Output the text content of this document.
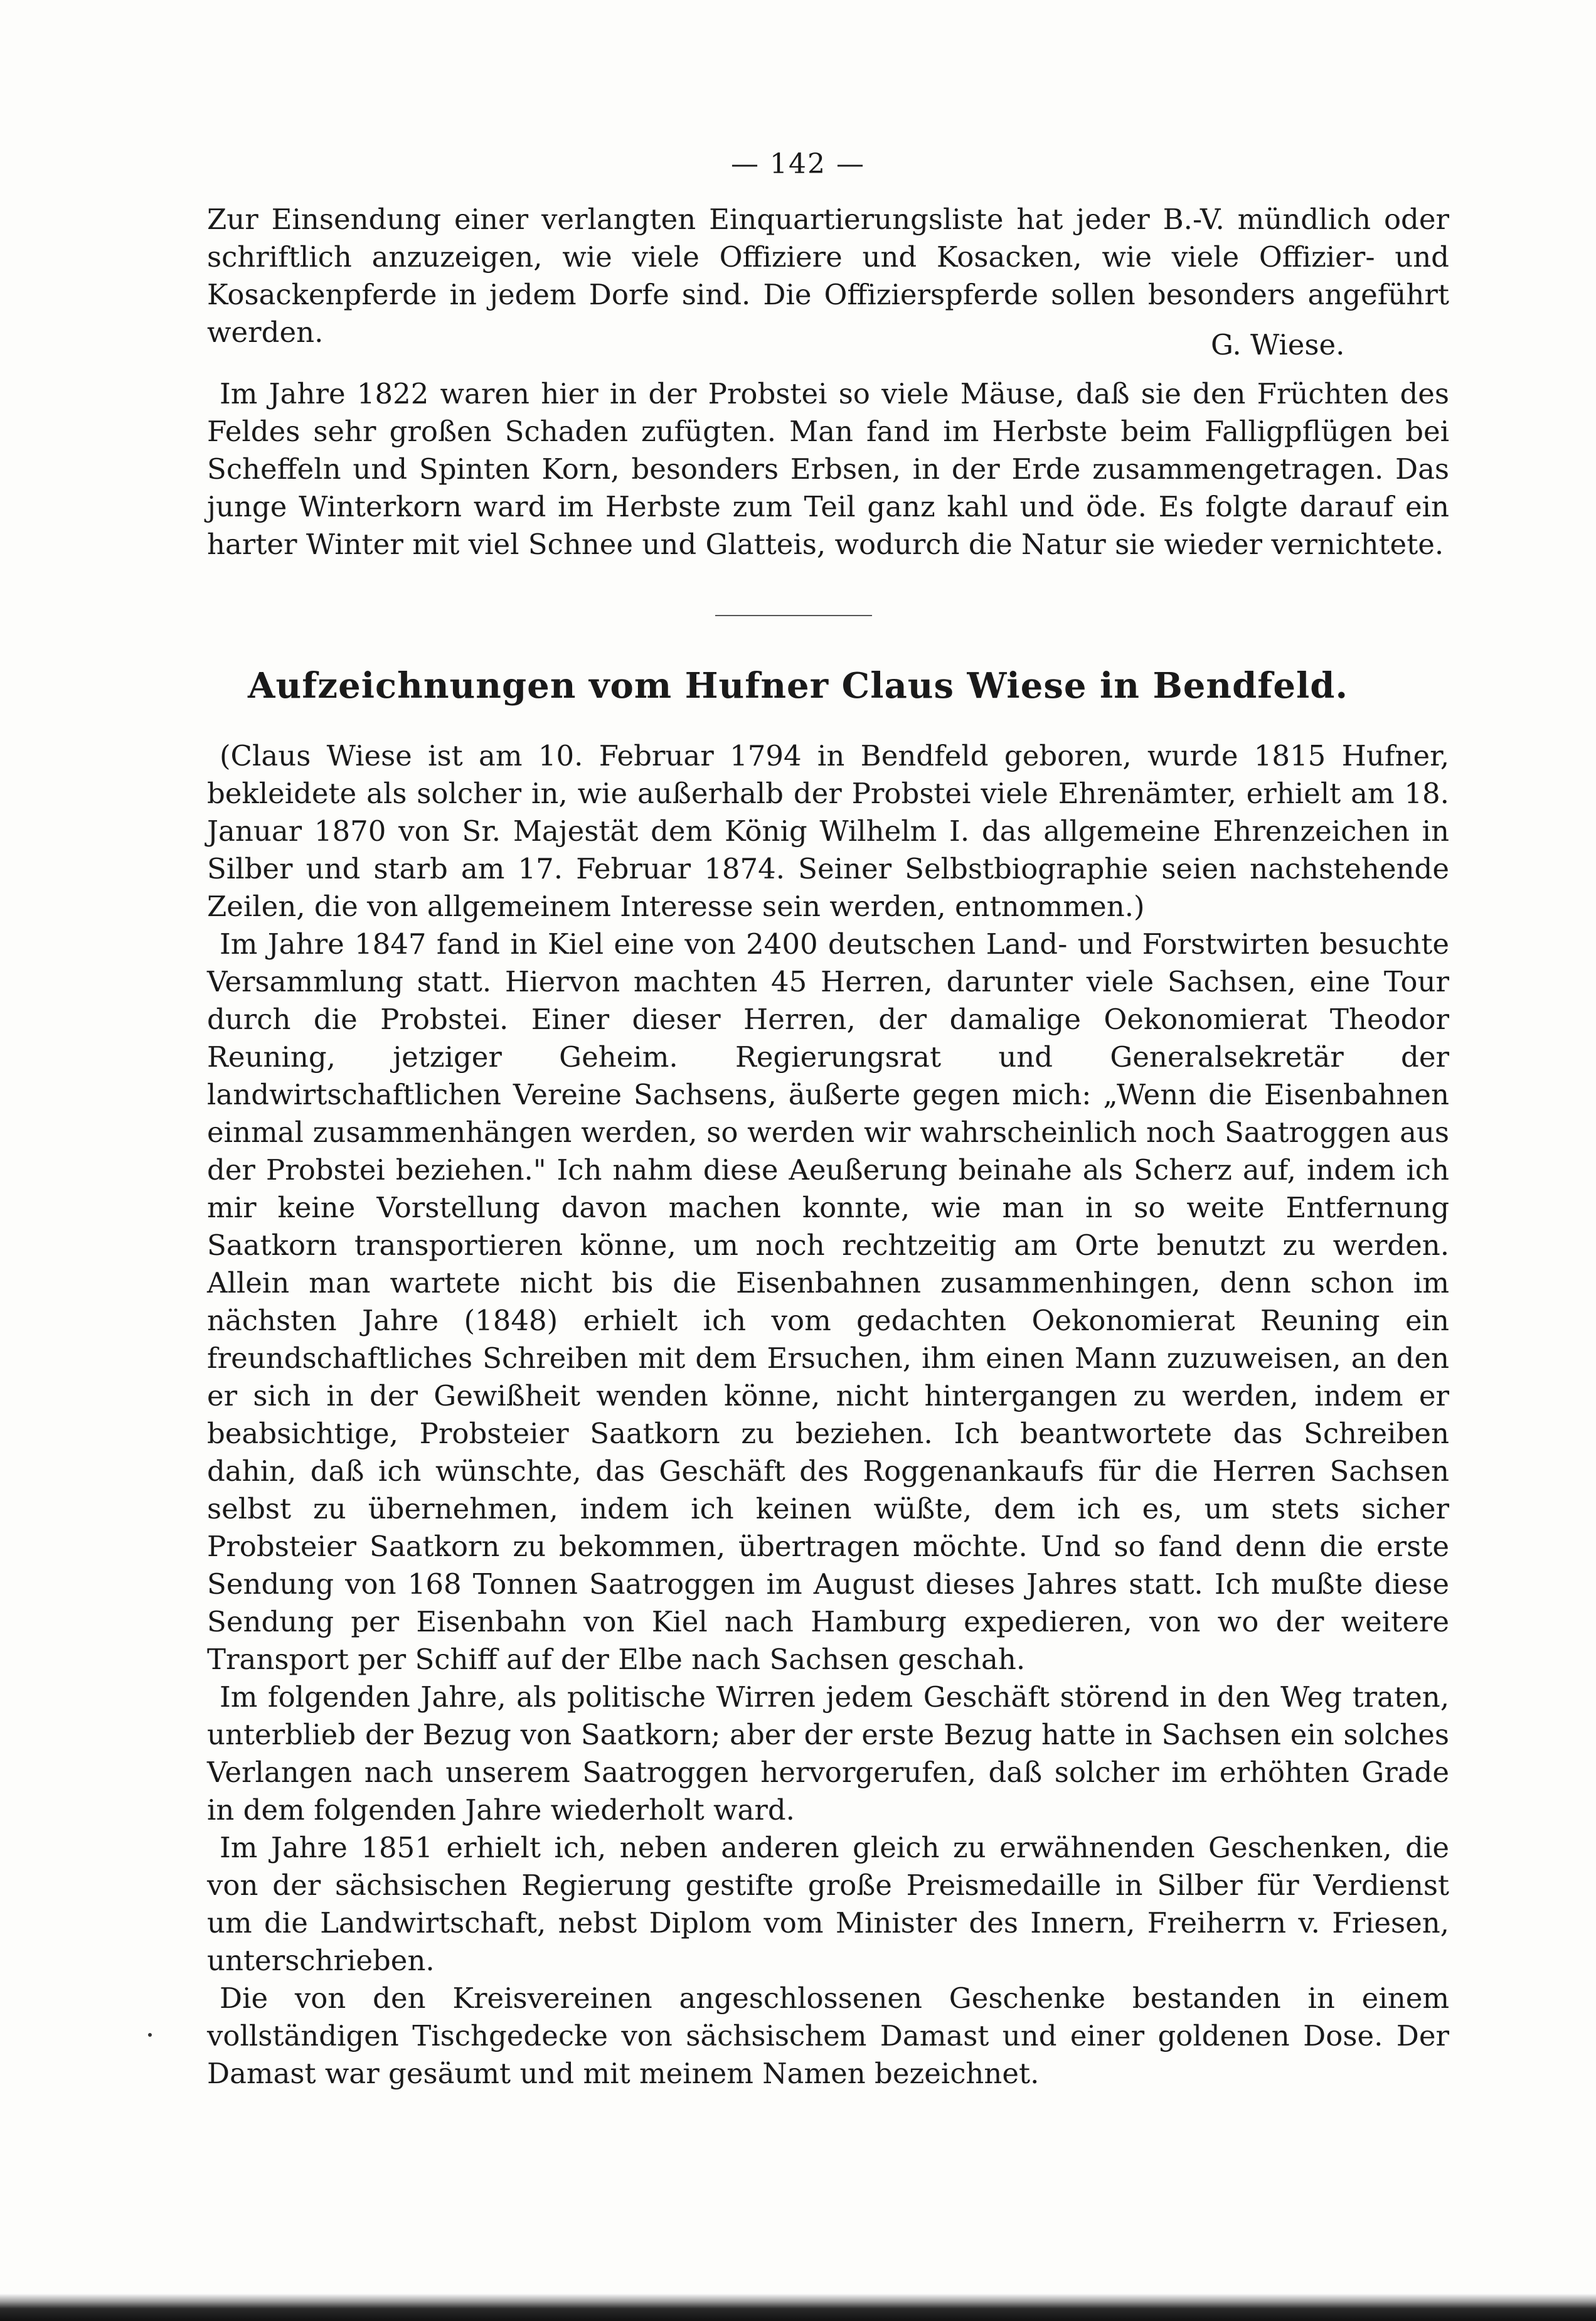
— 142 —

Zur Einsendung einer verlangten Einquartierungsliste hat jeder B.-V. mündlich oder schriftlich anzuzeigen, wie viele Offiziere und Kosacken, wie viele Offizier- und Kosackenpferde in jedem Dorfe sind. Die Offizierspferde sollen besonders angeführt werden.	G. Wiese.

Im Jahre 1822 waren hier in der Probstei so viele Mäuse, daß sie den Früchten des Feldes sehr großen Schaden zufügten. Man fand im Herbste beim Falligpflügen bei Scheffeln und Spinten Korn, besonders Erbsen, in der Erde zusammengetragen. Das junge Winterkorn ward im Herbste zum Teil ganz kahl und öde. Es folgte darauf ein harter Winter mit viel Schnee und Glatteis, wodurch die Natur sie wieder vernichtete.

Aufzeichnungen vom Hufner Claus Wiese in Bendfeld.

(Claus Wiese ist am 10. Februar 1794 in Bendfeld geboren, wurde 1815 Hufner, bekleidete als solcher in, wie außerhalb der Probstei viele Ehrenämter, erhielt am 18. Januar 1870 von Sr. Majestät dem König Wilhelm I. das allgemeine Ehrenzeichen in Silber und starb am 17. Februar 1874. Seiner Selbstbiographie seien nachstehende Zeilen, die von allgemeinem Interesse sein werden, entnommen.)

Im Jahre 1847 fand in Kiel eine von 2400 deutschen Land- und Forstwirten besuchte Versammlung statt. Hiervon machten 45 Herren, darunter viele Sachsen, eine Tour durch die Probstei. Einer dieser Herren, der damalige Oekonomierat Theodor Reuning, jetziger Geheim. Regierungsrat und Generalsekretär der landwirtschaftlichen Vereine Sachsens, äußerte gegen mich: „Wenn die Eisenbahnen einmal zusammenhängen werden, so werden wir wahrscheinlich noch Saatroggen aus der Probstei beziehen." Ich nahm diese Aeußerung beinahe als Scherz auf, indem ich mir keine Vorstellung davon machen konnte, wie man in so weite Entfernung Saatkorn transportieren könne, um noch rechtzeitig am Orte benutzt zu werden. Allein man wartete nicht bis die Eisenbahnen zusammenhingen, denn schon im nächsten Jahre (1848) erhielt ich vom gedachten Oekonomierat Reuning ein freundschaftliches Schreiben mit dem Ersuchen, ihm einen Mann zuzuweisen, an den er sich in der Gewißheit wenden könne, nicht hintergangen zu werden, indem er beabsichtige, Probsteier Saatkorn zu beziehen. Ich beantwortete das Schreiben dahin, daß ich wünschte, das Geschäft des Roggenankaufs für die Herren Sachsen selbst zu übernehmen, indem ich keinen wüßte, dem ich es, um stets sicher Probsteier Saatkorn zu bekommen, übertragen möchte. Und so fand denn die erste Sendung von 168 Tonnen Saatroggen im August dieses Jahres statt. Ich mußte diese Sendung per Eisenbahn von Kiel nach Hamburg expedieren, von wo der weitere Transport per Schiff auf der Elbe nach Sachsen geschah.

Im folgenden Jahre, als politische Wirren jedem Geschäft störend in den Weg traten, unterblieb der Bezug von Saatkorn; aber der erste Bezug hatte in Sachsen ein solches Verlangen nach unserem Saatroggen hervorgerufen, daß solcher im erhöhten Grade in dem folgenden Jahre wiederholt ward.

Im Jahre 1851 erhielt ich, neben anderen gleich zu erwähnenden Geschenken, die von der sächsischen Regierung gestifte große Preismedaille in Silber für Verdienst um die Landwirtschaft, nebst Diplom vom Minister des Innern, Freiherrn v. Friesen, unterschrieben.

Die von den Kreisvereinen angeschlossenen Geschenke bestanden in einem vollständigen Tischgedecke von sächsischem Damast und einer goldenen Dose. Der Damast war gesäumt und mit meinem Namen bezeichnet.
